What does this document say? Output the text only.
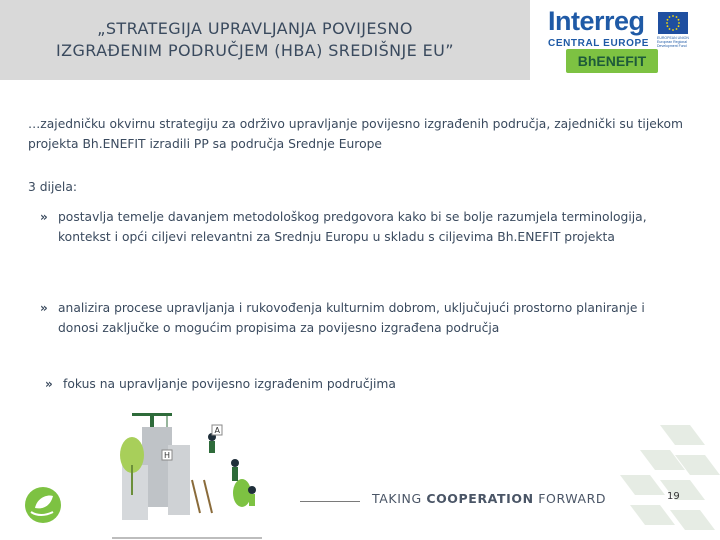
„STRATEGIJA UPRAVLJANJA POVIJESNO
IZGRAĐENIM PODRUČJEM (HBA) SREDIŠNJE EU”
Interreg
CENTRAL EUROPE EUROPEAN UNION European Regional Development Fund
BhENEFIT
…zajedničku okvirnu strategiju za održivo upravljanje povijesno izgrađenih područja, zajednički su tijekom projekta Bh.ENEFIT izradili PP sa područja Srednje Europe
3 dijela:
» postavlja temelje davanjem metodološkog predgovora kako bi se bolje razumjela terminologija, kontekst i opći ciljevi relevantni za Srednju Europu u skladu s ciljevima Bh.ENEFIT projekta
» analizira procese upravljanja i rukovođenja kulturnim dobrom, uključujući prostorno planiranje i donosi zaključke o mogućim propisima za povijesno izgrađena područja
» fokus na upravljanje povijesno izgrađenim područjima
A
H
TAKING COOPERATION FORWARD	19
